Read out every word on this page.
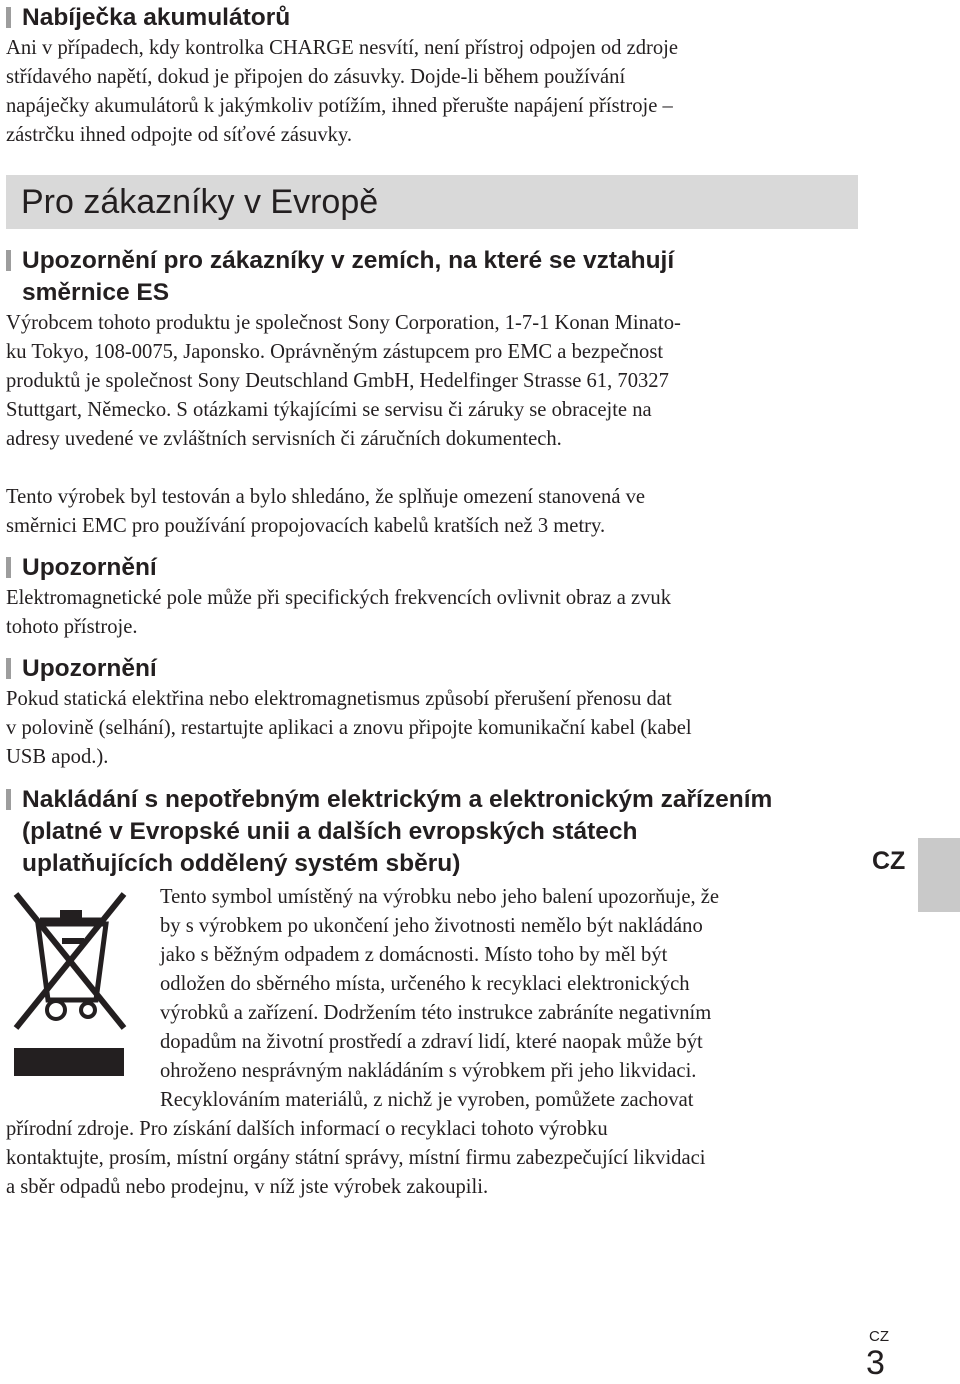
Nabíječka akumulátorů

Ani v případech, kdy kontrolka CHARGE nesvítí, není přístroj odpojen od zdroje
střídavého napětí, dokud je připojen do zásuvky. Dojde-li během používání
napáječky akumulátorů k jakýmkoliv potížím, ihned přerušte napájení přístroje –
zástrčku ihned odpojte od síťové zásuvky.

Pro zákazníky v Evropě
Upozornění pro zákazníky v zemích, na které se vztahují
směrnice ES

Výrobcem tohoto produktu je společnost Sony Corporation, 1-7-1 Konan Minato-
ku Tokyo, 108-0075, Japonsko. Oprávněným zástupcem pro EMC a bezpečnost
produktů je společnost Sony Deutschland GmbH, Hedelfinger Strasse 61, 70327
Stuttgart, Německo. S otázkami týkajícími se servisu či záruky se obracejte na
adresy uvedené ve zvláštních servisních či záručních dokumentech.

Tento výrobek byl testován a bylo shledáno, že splňuje omezení stanovená ve
směrnici EMC pro používání propojovacích kabelů kratších než 3 metry.

Upozornění

Elektromagnetické pole může při specifických frekvencích ovlivnit obraz a zvuk
tohoto přístroje.

Upozornění

Pokud statická elektřina nebo elektromagnetismus způsobí přerušení přenosu dat
v polovině (selhání), restartujte aplikaci a znovu připojte komunikační kabel (kabel
USB apod.).

Nakládání s nepotřebným elektrickým a elektronickým zařízením
(platné v Evropské unii a dalších evropských státech
uplatňujících oddělený systém sběru)

Tento symbol umístěný na výrobku nebo jeho balení upozorňuje, že
by s výrobkem po ukončení jeho životnosti nemělo být nakládáno
jako s běžným odpadem z domácnosti. Místo toho by měl být
odložen do sběrného místa, určeného k recyklaci elektronických
výrobků a zařízení. Dodržením této instrukce zabráníte negativním
dopadům na životní prostředí a zdraví lidí, které naopak může být
ohroženo nesprávným nakládáním s výrobkem při jeho likvidaci.
Recyklováním materiálů, z nichž je vyroben, pomůžete zachovat

přírodní zdroje. Pro získání dalších informací o recyklaci tohoto výrobku
kontaktujte, prosím, místní orgány státní správy, místní firmu zabezpečující likvidaci
a sběr odpadů nebo prodejnu, v níž jste výrobek zakoupili.

CZ
CZ
3
